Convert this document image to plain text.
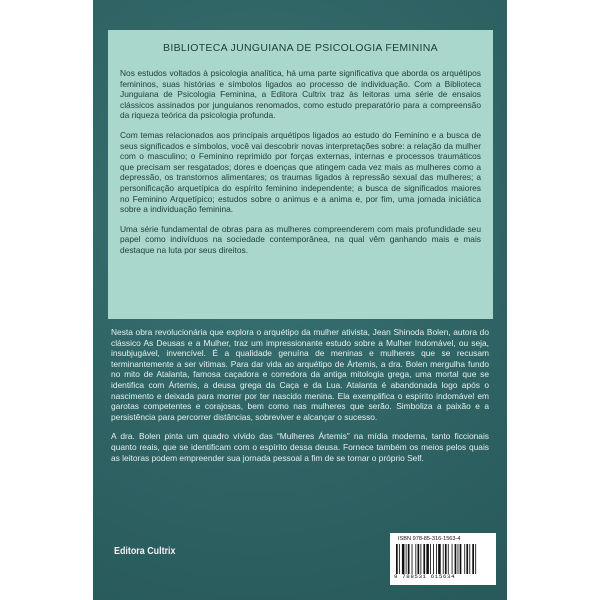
BIBLIOTECA JUNGUIANA DE PSICOLOGIA FEMININA

Nos estudos voltados à psicologia analítica, há uma parte significativa que aborda os arquétipos femininos, suas histórias e símbolos ligados ao processo de individuação. Com a Biblioteca Junguiana de Psicologia Feminina, a Editora Cultrix traz às leitoras uma série de ensaios clássicos assinados por junguianos renomados, como estudo preparatório para a compreensão da riqueza teórica da psicologia profunda.

Com temas relacionados aos principais arquétipos ligados ao estudo do Feminino e a busca de seus significados e símbolos, você vai descobrir novas interpretações sobre: a relação da mulher com o masculino; o Feminino reprimido por forças externas, internas e processos traumáticos que precisam ser resgatados; dores e doenças que atingem cada vez mais as mulheres como a depressão, os transtornos alimentares; os traumas ligados à repressão sexual das mulheres; a personificação arquetípica do espírito feminino independente; a busca de significados maiores no Feminino Arquetípico; estudos sobre o animus e a anima e, por fim, uma jornada iniciática sobre a individuação feminina.

Uma série fundamental de obras para as mulheres compreenderem com mais profundidade seu papel como indivíduos na sociedade contemporânea, na qual vêm ganhando mais e mais destaque na luta por seus direitos.

Nesta obra revolucionária que explora o arquétipo da mulher ativista, Jean Shinoda Bolen, autora do clássico As Deusas e a Mulher, traz um impressionante estudo sobre a Mulher Indomável, ou seja, insubjugável, invencível. É a qualidade genuína de meninas e mulheres que se recusam terminantemente a ser vítimas. Para dar vida ao arquétipo de Ártemis, a dra. Bolen mergulha fundo no mito de Atalanta, famosa caçadora e corredora da antiga mitologia grega, uma mortal que se identifica com Ártemis, a deusa grega da Caça e da Lua. Atalanta é abandonada logo após o nascimento e deixada para morrer por ter nascido menina. Ela exemplifica o espírito indomável em garotas competentes e corajosas, bem como nas mulheres que serão. Simboliza a paixão e a persistência para percorrer distâncias, sobreviver e alcançar o sucesso.

A dra. Bolen pinta um quadro vívido das “Mulheres Ártemis” na mídia moderna, tanto ficcionais quanto reais, que se identificam com o espírito dessa deusa. Fornece também os meios pelos quais as leitoras podem empreender sua jornada pessoal a fim de se tornar o próprio Self.

Editora Cultrix
ISBN 978-85-316-1563-4
9 788531 615634
